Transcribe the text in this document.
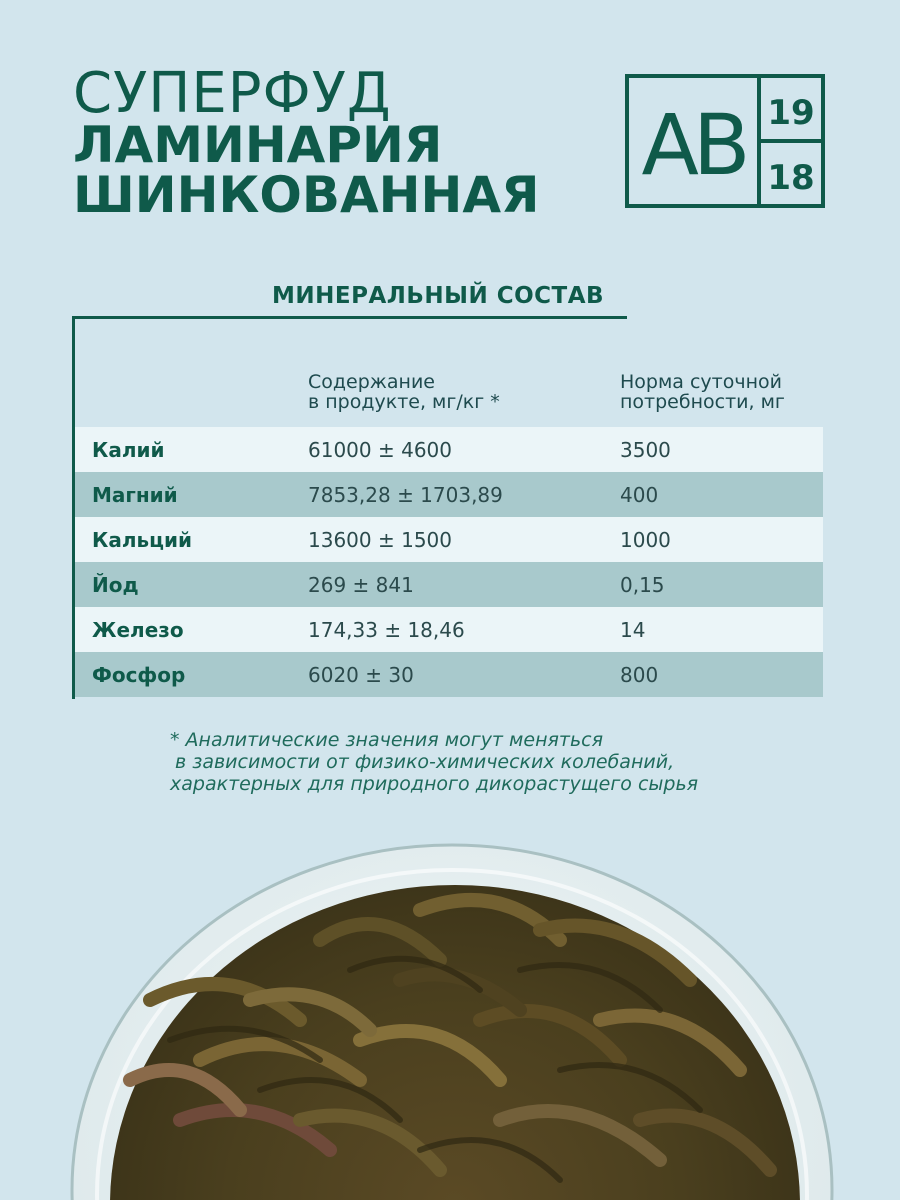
СУПЕРФУД
ЛАМИНАРИЯ
ШИНКОВАННАЯ
AB 19
18
МИНЕРАЛЬНЫЙ СОСТАВ
Содержание
в продукте, мг/кг *
Норма суточной
потребности, мг
Калий	61000 ± 4600	3500
Магний	7853,28 ± 1703,89	400
Кальций	13600 ± 1500	1000
Йод	269 ± 841	0,15
Железо	174,33 ± 18,46	14
Фосфор	6020 ± 30	800
* Аналитические значения могут меняться
в зависимости от физико-химических колебаний,
характерных для природного дикорастущего сырья
